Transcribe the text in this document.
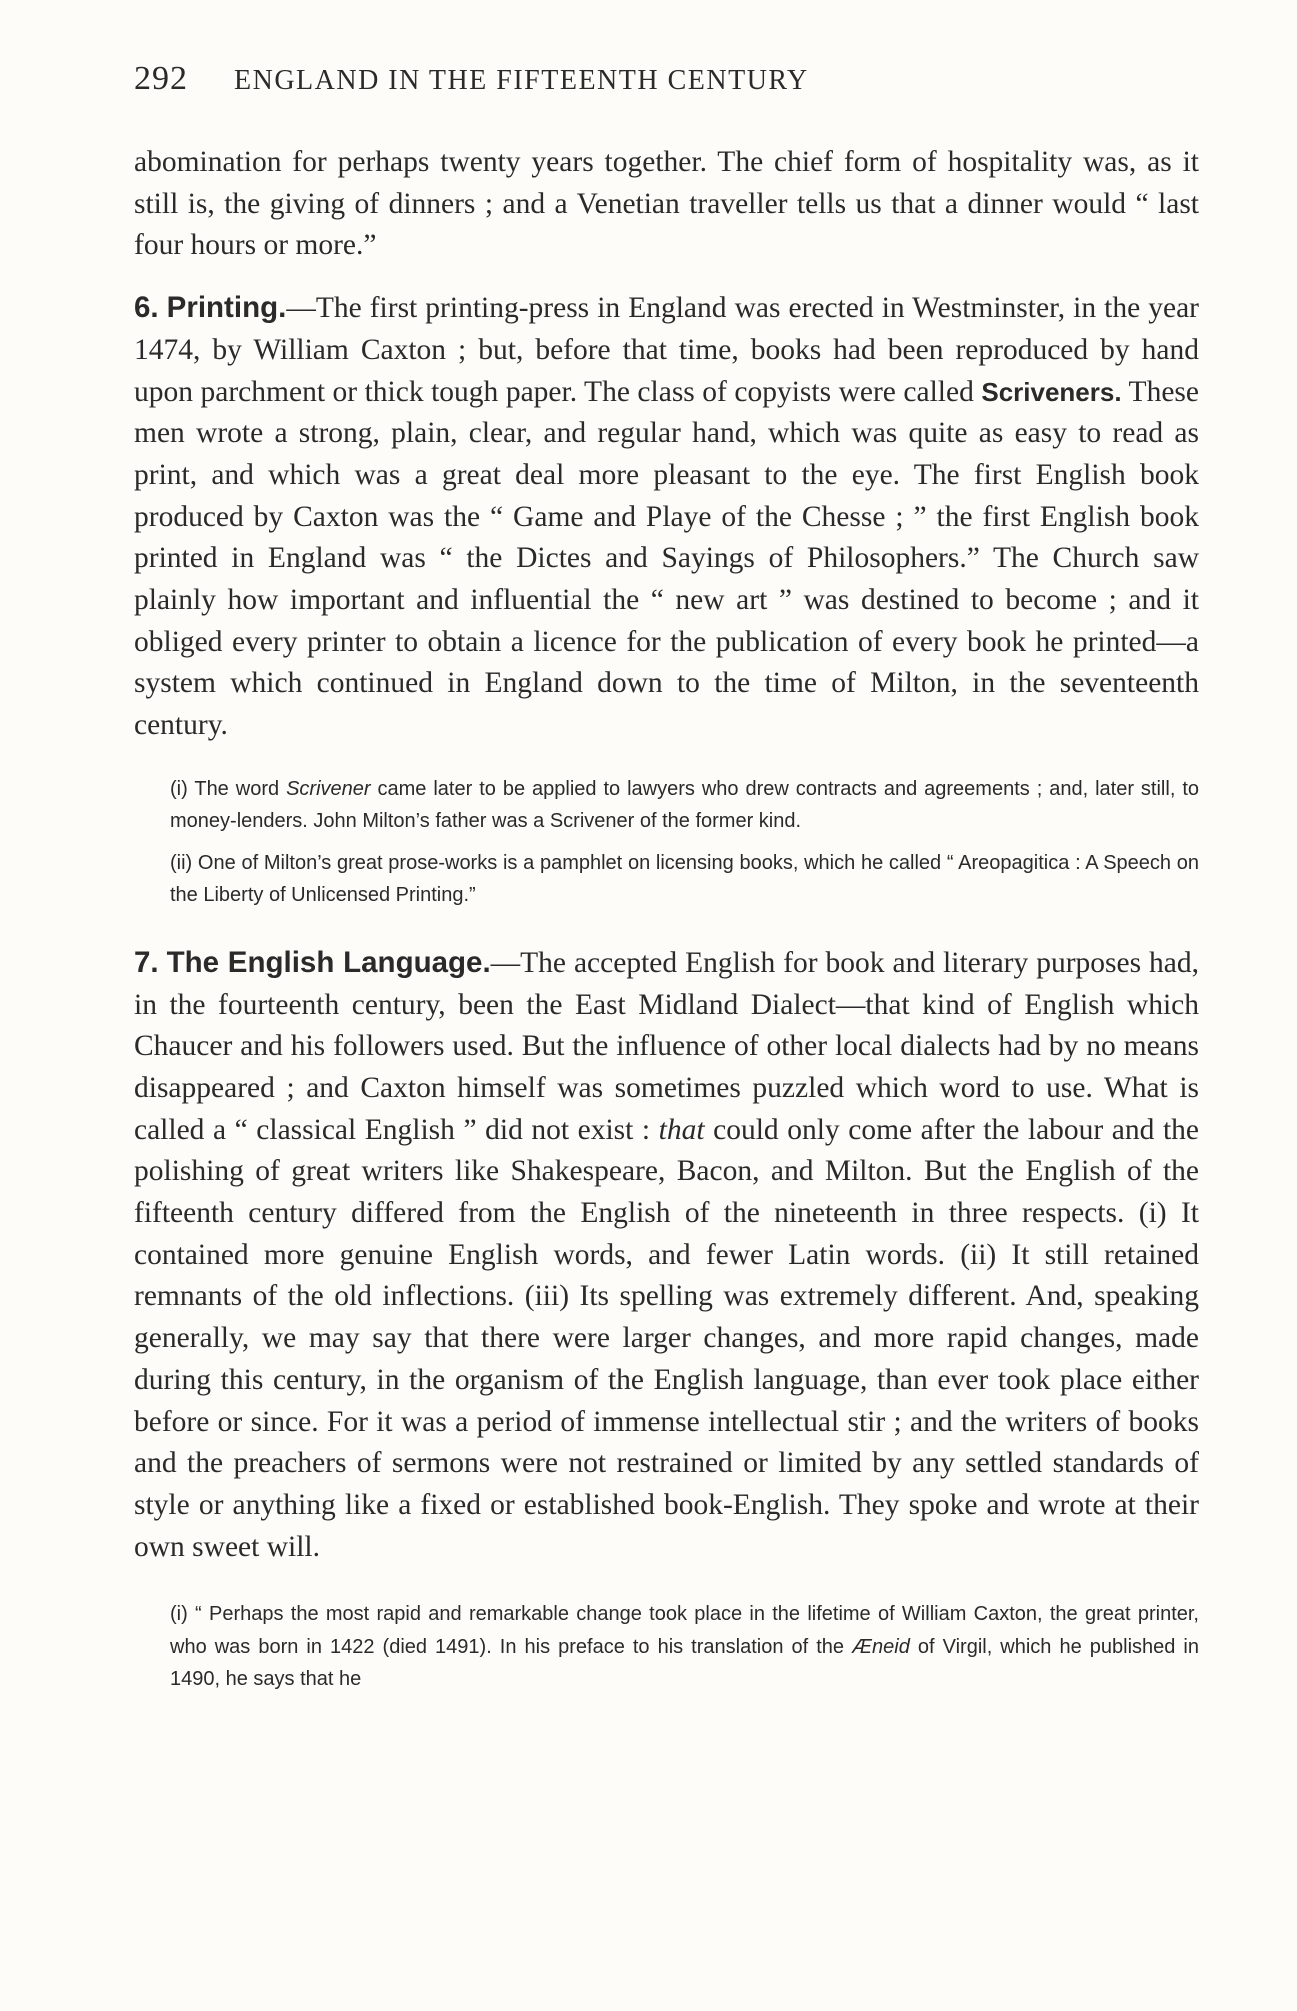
292 ENGLAND IN THE FIFTEENTH CENTURY

abomination for perhaps twenty years together. The chief form of hospitality was, as it still is, the giving of dinners ; and a Venetian traveller tells us that a dinner would “ last four hours or more.”

6. Printing.—The first printing-press in England was erected in Westminster, in the year 1474, by William Caxton ; but, before that time, books had been reproduced by hand upon parchment or thick tough paper. The class of copyists were called Scriveners. These men wrote a strong, plain, clear, and regular hand, which was quite as easy to read as print, and which was a great deal more pleasant to the eye. The first English book produced by Caxton was the “ Game and Playe of the Chesse ; ” the first English book printed in England was “ the Dictes and Sayings of Philosophers.” The Church saw plainly how important and influential the “ new art ” was destined to become ; and it obliged every printer to obtain a licence for the publication of every book he printed—a system which continued in England down to the time of Milton, in the seventeenth century.

(i) The word Scrivener came later to be applied to lawyers who drew contracts and agreements ; and, later still, to money-lenders. John Milton’s father was a Scrivener of the former kind.

(ii) One of Milton’s great prose-works is a pamphlet on licensing books, which he called “ Areopagitica : A Speech on the Liberty of Unlicensed Printing.”

7. The English Language.—The accepted English for book and literary purposes had, in the fourteenth century, been the East Midland Dialect—that kind of English which Chaucer and his followers used. But the influence of other local dialects had by no means disappeared ; and Caxton himself was sometimes puzzled which word to use. What is called a “ classical English ” did not exist : that could only come after the labour and the polishing of great writers like Shakespeare, Bacon, and Milton. But the English of the fifteenth century differed from the English of the nineteenth in three respects. (i) It contained more genuine English words, and fewer Latin words. (ii) It still retained remnants of the old inflections. (iii) Its spelling was extremely different. And, speaking generally, we may say that there were larger changes, and more rapid changes, made during this century, in the organism of the English language, than ever took place either before or since. For it was a period of immense intellectual stir ; and the writers of books and the preachers of sermons were not restrained or limited by any settled standards of style or anything like a fixed or established book-English. They spoke and wrote at their own sweet will.

(i) “ Perhaps the most rapid and remarkable change took place in the lifetime of William Caxton, the great printer, who was born in 1422 (died 1491). In his preface to his translation of the Æneid of Virgil, which he published in 1490, he says that he
